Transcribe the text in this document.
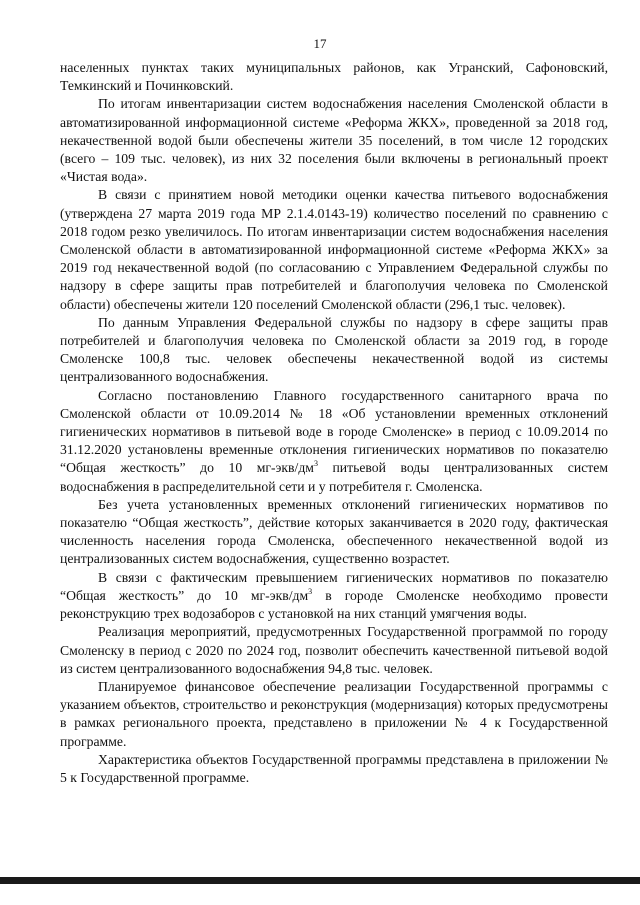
17

населенных пунктах таких муниципальных районов, как Угранский, Сафоновский, Темкинский и Починковский.

По итогам инвентаризации систем водоснабжения населения Смоленской области в автоматизированной информационной системе «Реформа ЖКХ», проведенной за 2018 год, некачественной водой были обеспечены жители 35 поселений, в том числе 12 городских (всего – 109 тыс. человек), из них 32 поселения были включены в региональный проект «Чистая вода».

В связи с принятием новой методики оценки качества питьевого водоснабжения (утверждена 27 марта 2019 года МР 2.1.4.0143-19) количество поселений по сравнению с 2018 годом резко увеличилось. По итогам инвентаризации систем водоснабжения населения Смоленской области в автоматизированной информационной системе «Реформа ЖКХ» за 2019 год некачественной водой (по согласованию с Управлением Федеральной службы по надзору в сфере защиты прав потребителей и благополучия человека по Смоленской области) обеспечены жители 120 поселений Смоленской области (296,1 тыс. человек).

По данным Управления Федеральной службы по надзору в сфере защиты прав потребителей и благополучия человека по Смоленской области за 2019 год, в городе Смоленске 100,8 тыс. человек обеспечены некачественной водой из системы централизованного водоснабжения.

Согласно постановлению Главного государственного санитарного врача по Смоленской области от 10.09.2014 № 18 «Об установлении временных отклонений гигиенических нормативов в питьевой воде в городе Смоленске» в период с 10.09.2014 по 31.12.2020 установлены временные отклонения гигиенических нормативов по показателю “Общая жесткость” до 10 $мг-экв/дм^3$ питьевой воды централизованных систем водоснабжения в распределительной сети и у потребителя г. Смоленска.

Без учета установленных временных отклонений гигиенических нормативов по показателю “Общая жесткость”, действие которых заканчивается в 2020 году, фактическая численность населения города Смоленска, обеспеченного некачественной водой из централизованных систем водоснабжения, существенно возрастет.

В связи с фактическим превышением гигиенических нормативов по показателю “Общая жесткость” до 10 $мг-экв/дм^3$ в городе Смоленске необходимо провести реконструкцию трех водозаборов с установкой на них станций умягчения воды.

Реализация мероприятий, предусмотренных Государственной программой по городу Смоленску в период с 2020 по 2024 год, позволит обеспечить качественной питьевой водой из систем централизованного водоснабжения 94,8 тыс. человек.

Планируемое финансовое обеспечение реализации Государственной программы с указанием объектов, строительство и реконструкция (модернизация) которых предусмотрены в рамках регионального проекта, представлено в приложении № 4 к Государственной программе.

Характеристика объектов Государственной программы представлена в приложении № 5 к Государственной программе.
